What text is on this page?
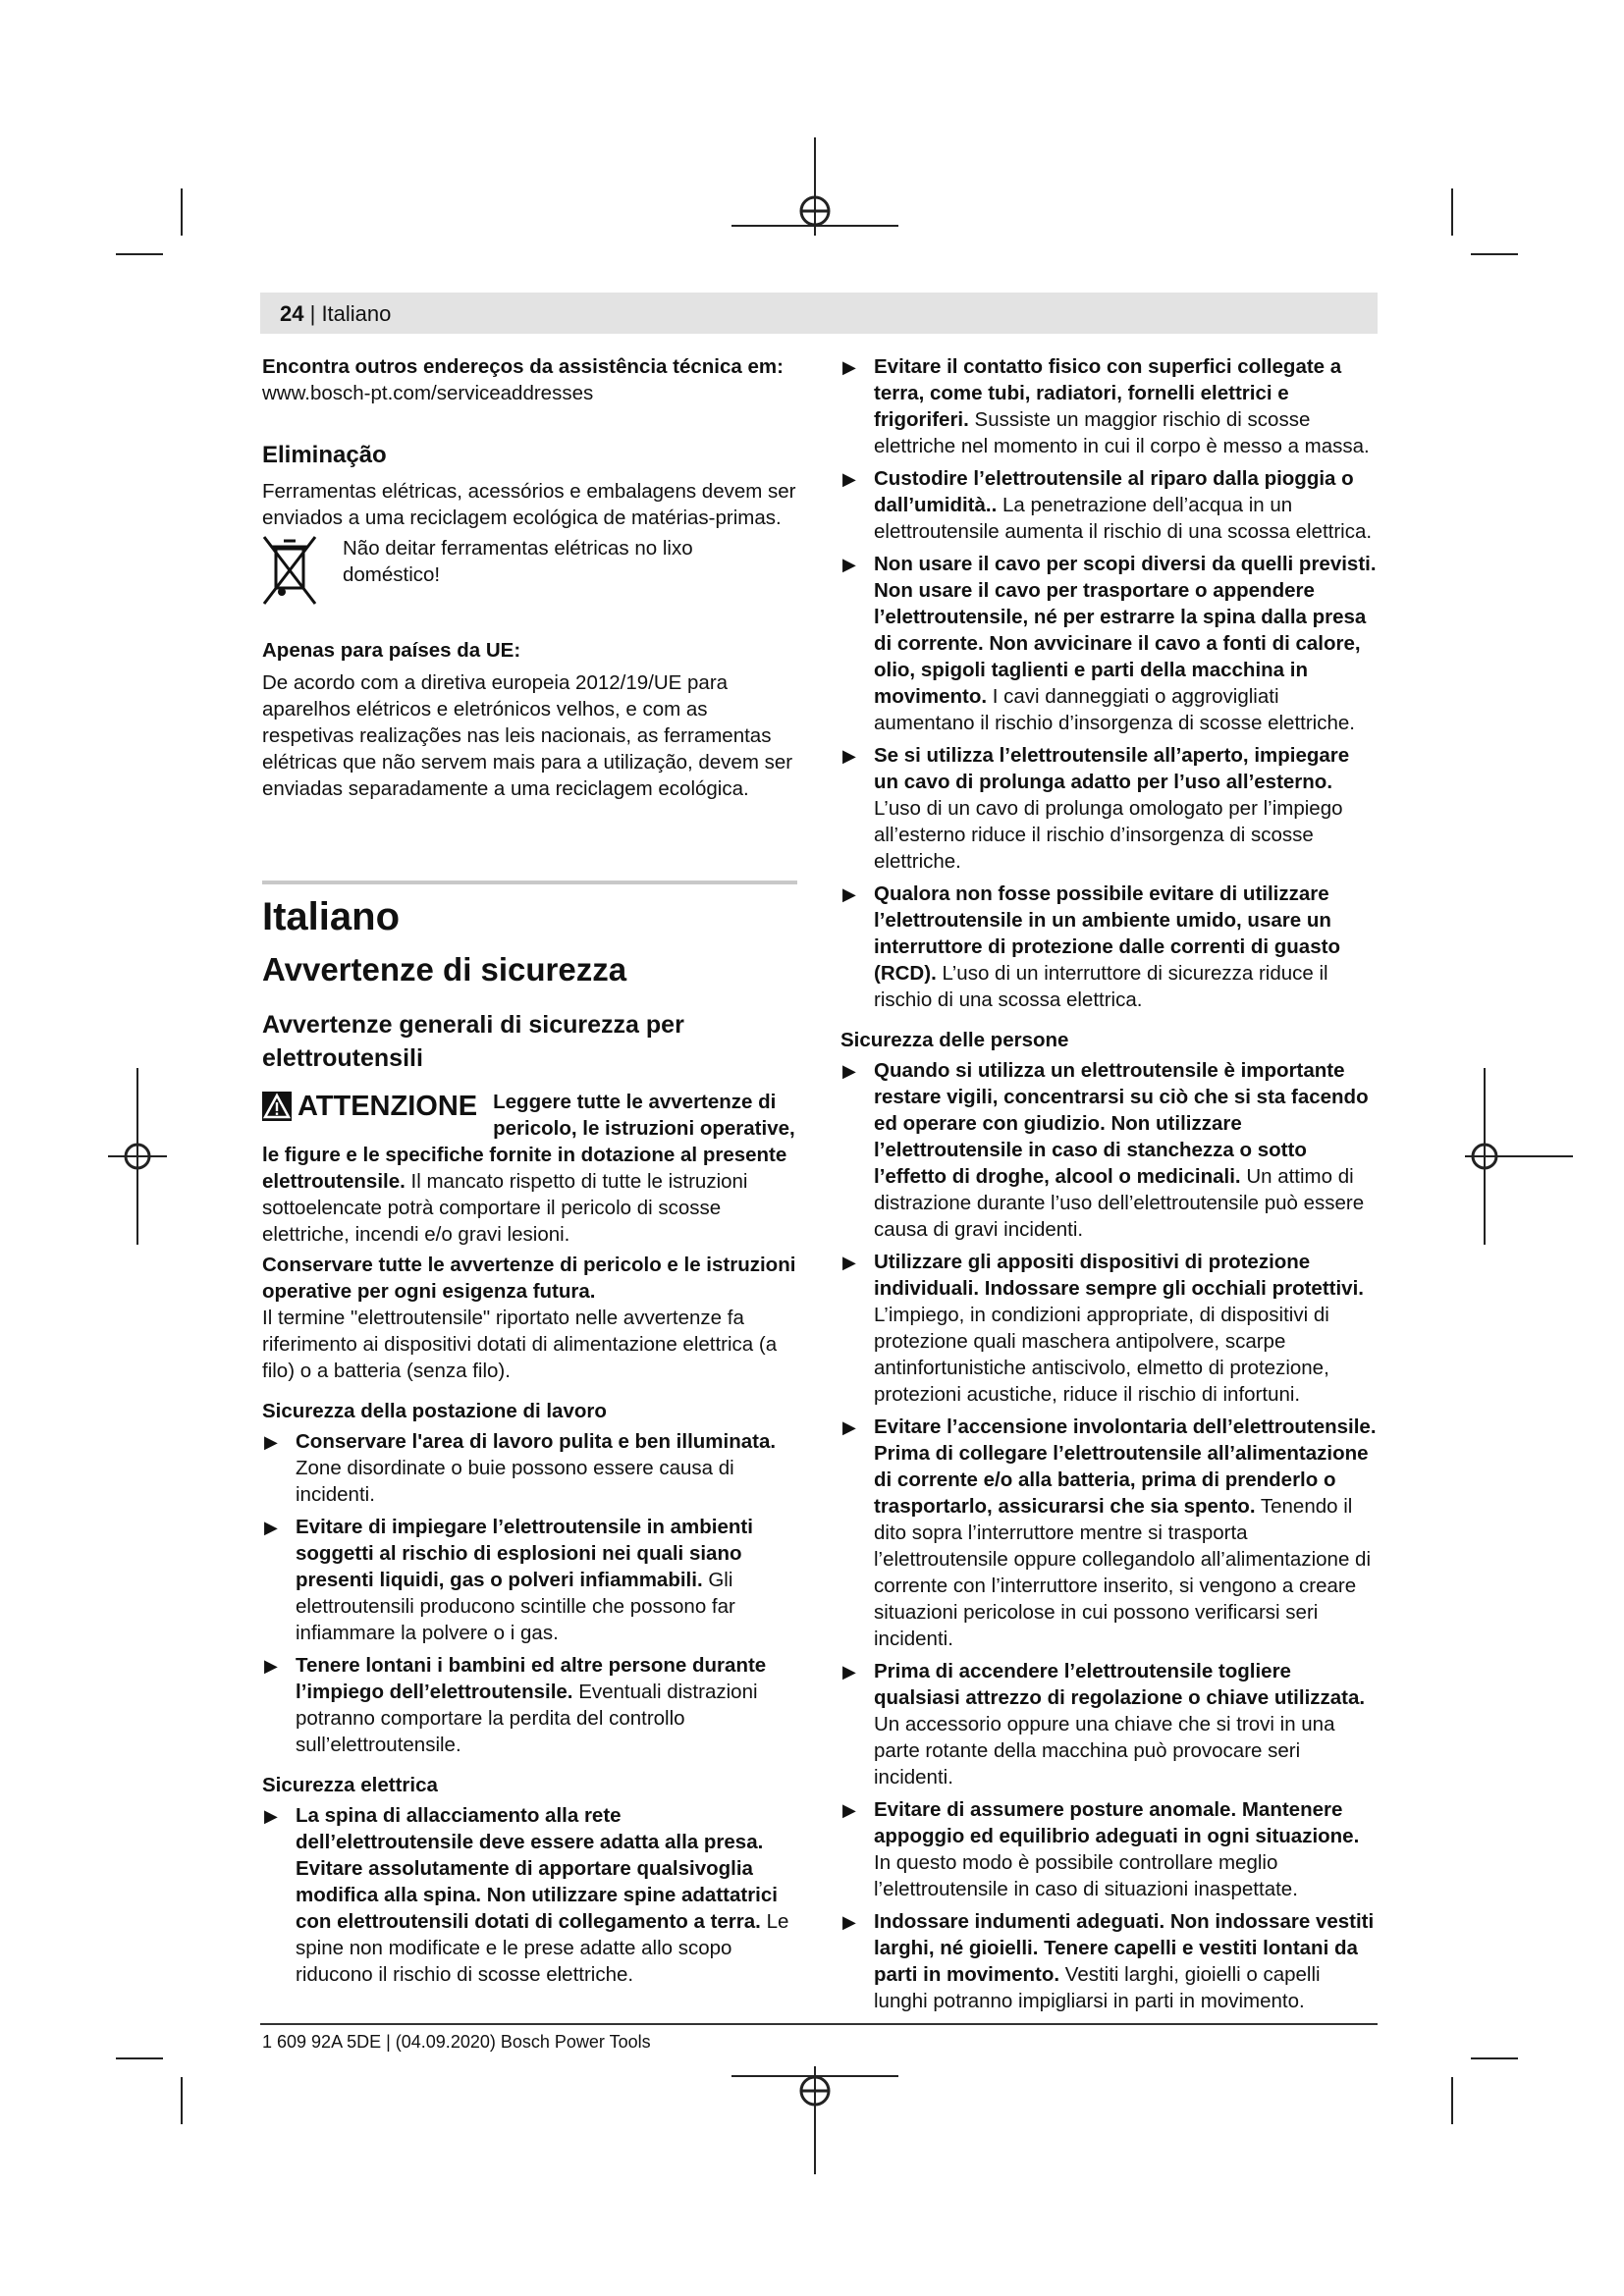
24 | Italiano

Encontra outros endereços da assistência técnica em:

www.bosch-pt.com/serviceaddresses

Eliminação

Ferramentas elétricas, acessórios e embalagens devem ser enviados a uma reciclagem ecológica de matérias-primas.

Não deitar ferramentas elétricas no lixo doméstico!

Apenas para países da UE:

De acordo com a diretiva europeia 2012/19/UE para aparelhos elétricos e eletrónicos velhos, e com as respetivas realizações nas leis nacionais, as ferramentas elétricas que não servem mais para a utilização, devem ser enviadas separadamente a uma reciclagem ecológica.

Italiano
Avvertenze di sicurezza
Avvertenze generali di sicurezza per elettroutensili
ATTENZIONE Leggere tutte le avvertenze di pericolo, le istruzioni operative, le figure e le specifiche fornite in dotazione al presente elettroutensile. Il mancato rispetto di tutte le istruzioni sottoelencate potrà comportare il pericolo di scosse elettriche, incendi e/o gravi lesioni.

Conservare tutte le avvertenze di pericolo e le istruzioni operative per ogni esigenza futura.

Il termine "elettroutensile" riportato nelle avvertenze fa riferimento ai dispositivi dotati di alimentazione elettrica (a filo) o a batteria (senza filo).

Sicurezza della postazione di lavoro

▶ Conservare l'area di lavoro pulita e ben illuminata. Zone disordinate o buie possono essere causa di incidenti.
▶ Evitare di impiegare l’elettroutensile in ambienti soggetti al rischio di esplosioni nei quali siano presenti liquidi, gas o polveri infiammabili. Gli elettroutensili producono scintille che possono far infiammare la polvere o i gas.
▶ Tenere lontani i bambini ed altre persone durante l’impiego dell’elettroutensile. Eventuali distrazioni potranno comportare la perdita del controllo sull’elettroutensile.

Sicurezza elettrica

▶ La spina di allacciamento alla rete dell’elettroutensile deve essere adatta alla presa. Evitare assolutamente di apportare qualsivoglia modifica alla spina. Non utilizzare spine adattatrici con elettroutensili dotati di collegamento a terra. Le spine non modificate e le prese adatte allo scopo riducono il rischio di scosse elettriche.
▶ Evitare il contatto fisico con superfici collegate a terra, come tubi, radiatori, fornelli elettrici e frigoriferi. Sussiste un maggior rischio di scosse elettriche nel momento in cui il corpo è messo a massa.
▶ Custodire l’elettroutensile al riparo dalla pioggia o dall’umidità.. La penetrazione dell’acqua in un elettroutensile aumenta il rischio di una scossa elettrica.
▶ Non usare il cavo per scopi diversi da quelli previsti. Non usare il cavo per trasportare o appendere l’elettroutensile, né per estrarre la spina dalla presa di corrente. Non avvicinare il cavo a fonti di calore, olio, spigoli taglienti e parti della macchina in movimento. I cavi danneggiati o aggrovigliati aumentano il rischio d’insorgenza di scosse elettriche.
▶ Se si utilizza l’elettroutensile all’aperto, impiegare un cavo di prolunga adatto per l’uso all’esterno. L’uso di un cavo di prolunga omologato per l’impiego all’esterno riduce il rischio d’insorgenza di scosse elettriche.
▶ Qualora non fosse possibile evitare di utilizzare l’elettroutensile in un ambiente umido, usare un interruttore di protezione dalle correnti di guasto (RCD). L’uso di un interruttore di sicurezza riduce il rischio di una scossa elettrica.

Sicurezza delle persone

▶ Quando si utilizza un elettroutensile è importante restare vigili, concentrarsi su ciò che si sta facendo ed operare con giudizio. Non utilizzare l’elettroutensile in caso di stanchezza o sotto l’effetto di droghe, alcool o medicinali. Un attimo di distrazione durante l’uso dell’elettroutensile può essere causa di gravi incidenti.
▶ Utilizzare gli appositi dispositivi di protezione individuali. Indossare sempre gli occhiali protettivi. L’impiego, in condizioni appropriate, di dispositivi di protezione quali maschera antipolvere, scarpe antinfortunistiche antiscivolo, elmetto di protezione, protezioni acustiche, riduce il rischio di infortuni.
▶ Evitare l’accensione involontaria dell’elettroutensile. Prima di collegare l’elettroutensile all’alimentazione di corrente e/o alla batteria, prima di prenderlo o trasportarlo, assicurarsi che sia spento. Tenendo il dito sopra l’interruttore mentre si trasporta l’elettroutensile oppure collegandolo all’alimentazione di corrente con l’interruttore inserito, si vengono a creare situazioni pericolose in cui possono verificarsi seri incidenti.
▶ Prima di accendere l’elettroutensile togliere qualsiasi attrezzo di regolazione o chiave utilizzata. Un accessorio oppure una chiave che si trovi in una parte rotante della macchina può provocare seri incidenti.
▶ Evitare di assumere posture anomale. Mantenere appoggio ed equilibrio adeguati in ogni situazione. In questo modo è possibile controllare meglio l’elettroutensile in caso di situazioni inaspettate.
▶ Indossare indumenti adeguati. Non indossare vestiti larghi, né gioielli. Tenere capelli e vestiti lontani da parti in movimento. Vestiti larghi, gioielli o capelli lunghi potranno impigliarsi in parti in movimento.
1 609 92A 5DE | (04.09.2020) Bosch Power Tools
